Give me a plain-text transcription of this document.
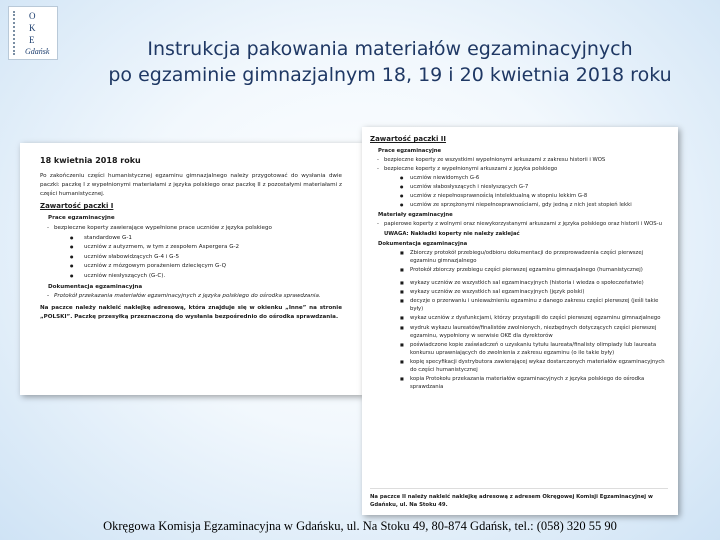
O
K
E
Gdańsk	Instrukcja pakowania materiałów egzaminacyjnych
po egzaminie gimnazjalnym 18, 19 i 20 kwietnia 2018 roku
18 kwietnia 2018 roku

Po zakończeniu części humanistycznej egzaminu gimnazjalnego należy przygotować do wysłania dwie paczki: paczkę I z wypełnionymi materiałami z języka polskiego oraz paczkę II z pozostałymi materiałami z części humanistycznej.

Zawartość paczki I
Prace egzaminacyjne
- bezpieczne koperty zawierające wypełnione prace uczniów z języka polskiego
● standardowe G-1
● uczniów z autyzmem, w tym z zespołem Aspergera G-2
● uczniów słabowidzących G-4 i G-5
● uczniów z mózgowym porażeniem dziecięcym G-Q
● uczniów niesłyszących (G-C).
Dokumentacja egzaminacyjna
- Protokół przekazania materiałów egzaminacyjnych z języka polskiego do ośrodka sprawdzania.
Na paczce należy nakleić naklejkę adresową, która znajduje się w okienku „Inne” na stronie „POLSKI”. Paczkę przesyłką przeznaczoną do wysłania bezpośrednio do ośrodka sprawdzania.
Zawartość paczki II
Prace egzaminacyjne
- bezpieczne koperty ze wszystkimi wypełnionymi arkuszami z zakresu historii i WOS
- bezpieczne koperty z wypełnionymi arkuszami z języka polskiego
● uczniów niewidomych G-6
● uczniów słabosłyszących i niesłyszących G-7
● uczniów z niepełnosprawnością intelektualną w stopniu lekkim G-8
● uczniów ze sprzężonymi niepełnosprawnościami, gdy jedną z nich jest stopień lekki
Materiały egzaminacyjne
- papierowe koperty z wolnymi oraz niewykorzystanymi arkuszami z języka polskiego oraz historii i WOS-u
UWAGA: Nakładki koperty nie należy zaklejać
Dokumentacja egzaminacyjna
■ Zbiorczy protokół przebiegu/odbioru dokumentacji do przeprowadzenia części pierwszej egzaminu gimnazjalnego
■ Protokół zbiorczy przebiegu części pierwszej egzaminu gimnazjalnego (humanistycznej)
■ wykazy uczniów ze wszystkich sal egzaminacyjnych (historia i wiedza o społeczeństwie)
■ wykazy uczniów ze wszystkich sal egzaminacyjnych (język polski)
■ decyzje o przerwaniu i unieważnieniu egzaminu z danego zakresu części pierwszej (jeśli takie były)
■ wykaz uczniów z dysfunkcjami, którzy przystąpili do części pierwszej egzaminu gimnazjalnego
■ wydruk wykazu laureatów/finalistów zwolnionych, niezbędnych dotyczących części pierwszej egzaminu, wypełniony w serwisie OKE dla dyrektorów
■ poświadczone kopie zaświadczeń o uzyskaniu tytułu laureata/finalisty olimpiady lub laureata konkursu uprawniających do zwolnienia z zakresu egzaminu (o ile takie były)
■ kopię specyfikacji dystrybutora zawierającej wykaz dostarczonych materiałów egzaminacyjnych do części humanistycznej
■ kopia Protokołu przekazania materiałów egzaminacyjnych z języka polskiego do ośrodka sprawdzania
Na paczce II należy nakleić naklejkę adresową z adresem Okręgowej Komisji Egzaminacyjnej w Gdańsku, ul. Na Stoku 49.
Okręgowa Komisja Egzaminacyjna w Gdańsku, ul. Na Stoku 49, 80-874 Gdańsk, tel.: (058) 320 55 90
